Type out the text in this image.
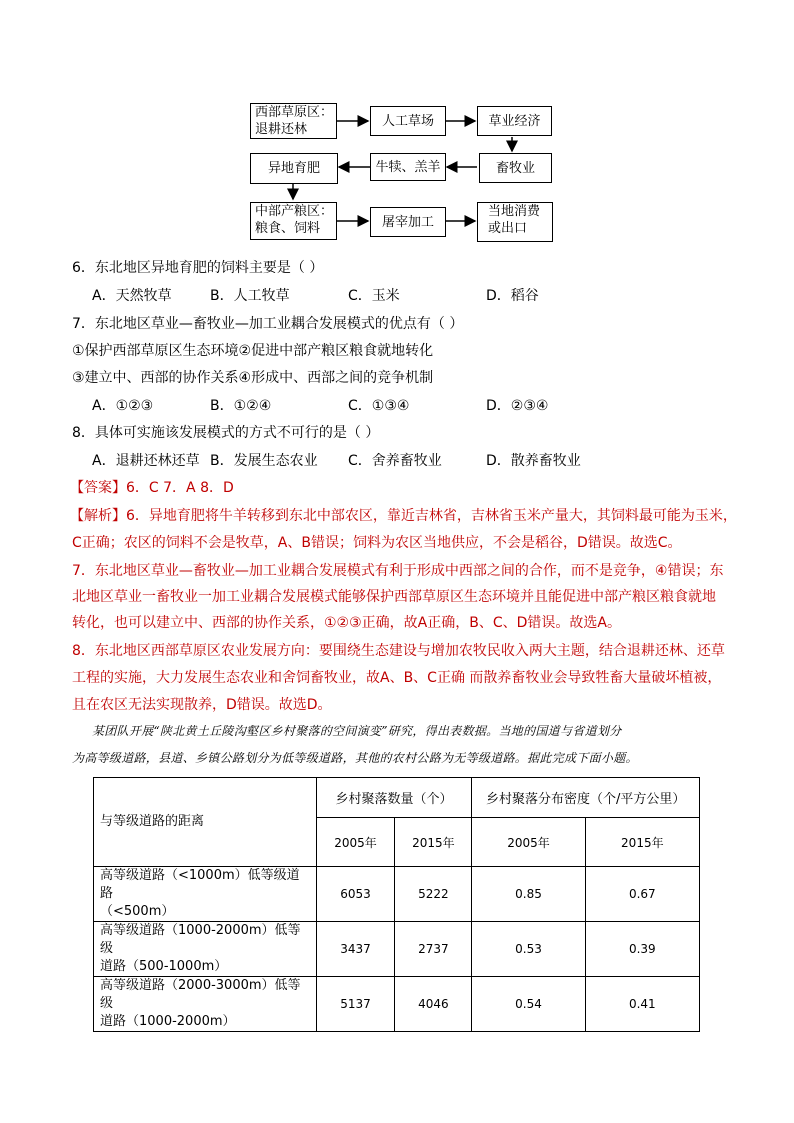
西部草原区：
退耕还林
人工草场	草业经济
异地育肥	牛犊、羔羊	畜牧业
中部产粮区：
粮食、饲料	屠宰加工
当地消费
或出口
6．东北地区异地育肥的饲料主要是（ ）
A．天然牧草	B．人工牧草	C．玉米	D．稻谷
7．东北地区草业—畜牧业—加工业耦合发展模式的优点有（ ）
①保护西部草原区生态环境②促进中部产粮区粮食就地转化
③建立中、西部的协作关系④形成中、西部之间的竞争机制
A．①②③	B．①②④	C．①③④	D．②③④
8．具体可实施该发展模式的方式不可行的是（ ）
A．退耕还林还草 B．发展生态农业 C．舍养畜牧业	D．散养畜牧业
【答案】6．C 7．A 8．D
【解析】6．异地育肥将牛羊转移到东北中部农区，靠近吉林省，吉林省玉米产量大，其饲料最可能为玉米，
C正确；农区的饲料不会是牧草，A、B错误；饲料为农区当地供应，不会是稻谷，D错误。故选C。
7．东北地区草业—畜牧业—加工业耦合发展模式有利于形成中西部之间的合作，而不是竞争，④错误；东
北地区草业一畜牧业一加工业耦合发展模式能够保护西部草原区生态环境并且能促进中部产粮区粮食就地
转化，也可以建立中、西部的协作关系，①②③正确，故A正确，B、C、D错误。故选A。
8．东北地区西部草原区农业发展方向：要围绕生态建设与增加农牧民收入两大主题，结合退耕还林、还草
工程的实施，大力发展生态农业和舍饲畜牧业，故A、B、C正确 而散养畜牧业会导致牲畜大量破坏植被，
且在农区无法实现散养，D错误。故选D。
某团队开展“陕北黄土丘陵沟壑区乡村聚落的空间演变”研究，得出表数据。当地的国道与省道划分
为高等级道路，县道、乡镇公路划分为低等级道路，其他的农村公路为无等级道路。据此完成下面小题。
与等级道路的距离	乡村聚落数量（个）		乡村聚落分布密度（个/平方公里）	
	2005年	2015年	2005年	2015年

高等级道路（<1000m）低等级道路
（<500m）	6053	5222	0.85	0.67

高等级道路（1000-2000m）低等级
道路（500-1000m）	3437	2737	0.53	0.39

高等级道路（2000-3000m）低等级
道路（1000-2000m）	5137	4046	0.54	0.41
